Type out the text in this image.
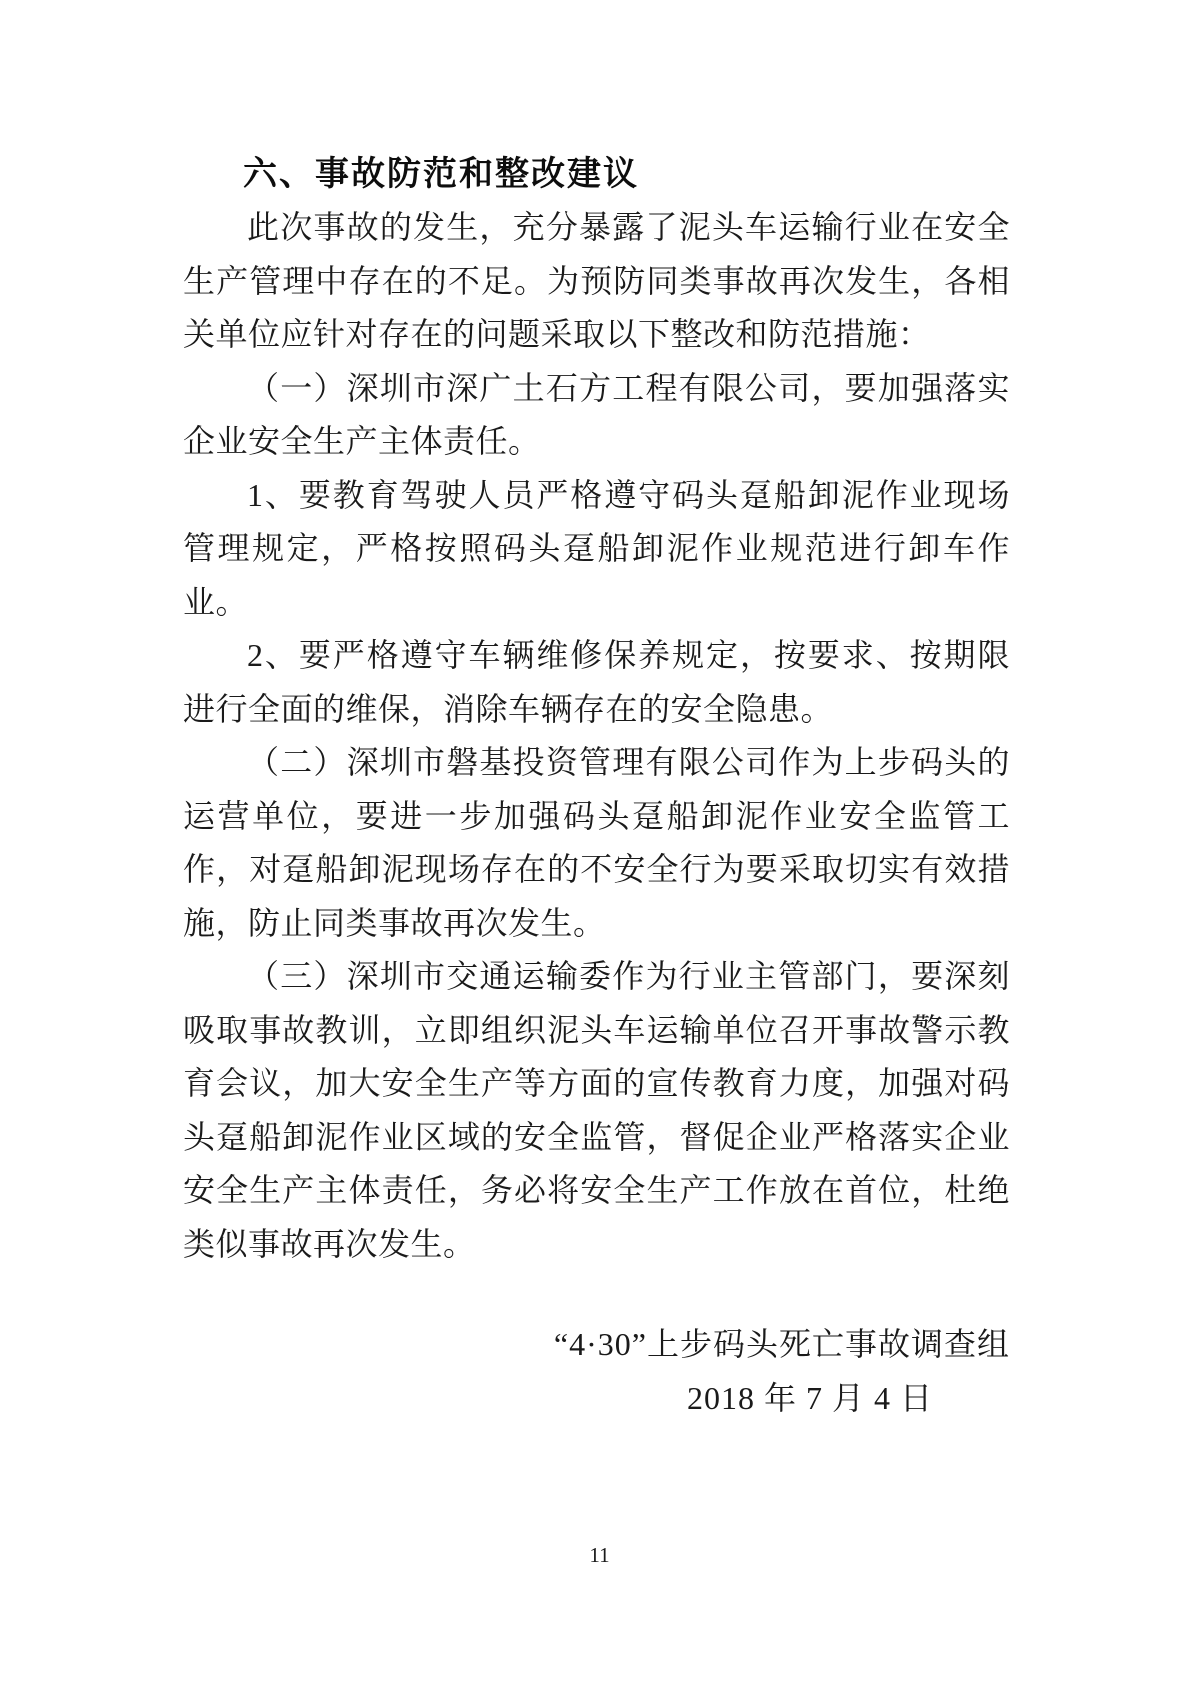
六、事故防范和整改建议

此次事故的发生，充分暴露了泥头车运输行业在安全生产管理中存在的不足。为预防同类事故再次发生，各相关单位应针对存在的问题采取以下整改和防范措施：

（一）深圳市深广土石方工程有限公司，要加强落实企业安全生产主体责任。

1、要教育驾驶人员严格遵守码头趸船卸泥作业现场管理规定，严格按照码头趸船卸泥作业规范进行卸车作业。

2、要严格遵守车辆维修保养规定，按要求、按期限进行全面的维保，消除车辆存在的安全隐患。

（二）深圳市磐基投资管理有限公司作为上步码头的运营单位，要进一步加强码头趸船卸泥作业安全监管工作，对趸船卸泥现场存在的不安全行为要采取切实有效措施，防止同类事故再次发生。

（三）深圳市交通运输委作为行业主管部门，要深刻吸取事故教训，立即组织泥头车运输单位召开事故警示教育会议，加大安全生产等方面的宣传教育力度，加强对码头趸船卸泥作业区域的安全监管，督促企业严格落实企业安全生产主体责任，务必将安全生产工作放在首位，杜绝类似事故再次发生。

“4·30”上步码头死亡事故调查组
2018 年 7 月 4 日
11
